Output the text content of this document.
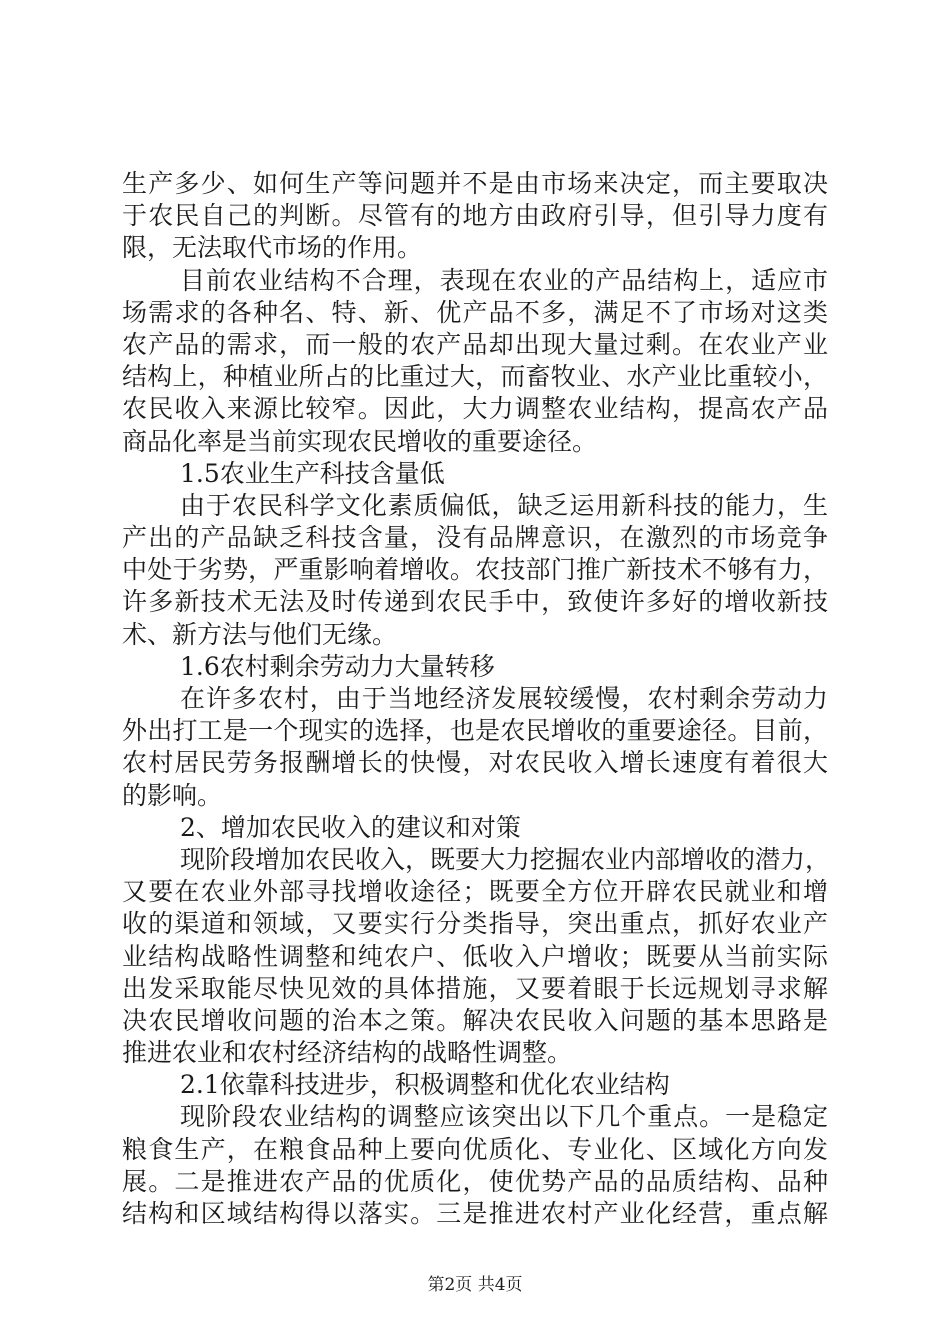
生产多少、如何生产等问题并不是由市场来决定，而主要取决
于农民自己的判断。尽管有的地方由政府引导，但引导力度有
限，无法取代市场的作用。
目前农业结构不合理，表现在农业的产品结构上，适应市
场需求的各种名、特、新、优产品不多，满足不了市场对这类
农产品的需求，而一般的农产品却出现大量过剩。在农业产业
结构上，种植业所占的比重过大，而畜牧业、水产业比重较小，
农民收入来源比较窄。因此，大力调整农业结构，提高农产品
商品化率是当前实现农民增收的重要途径。
1.5农业生产科技含量低
由于农民科学文化素质偏低，缺乏运用新科技的能力，生
产出的产品缺乏科技含量，没有品牌意识，在激烈的市场竞争
中处于劣势，严重影响着增收。农技部门推广新技术不够有力，
许多新技术无法及时传递到农民手中，致使许多好的增收新技
术、新方法与他们无缘。
1.6农村剩余劳动力大量转移
在许多农村，由于当地经济发展较缓慢，农村剩余劳动力
外出打工是一个现实的选择，也是农民增收的重要途径。目前，
农村居民劳务报酬增长的快慢，对农民收入增长速度有着很大
的影响。
2、增加农民收入的建议和对策
现阶段增加农民收入，既要大力挖掘农业内部增收的潜力，
又要在农业外部寻找增收途径；既要全方位开辟农民就业和增
收的渠道和领域，又要实行分类指导，突出重点，抓好农业产
业结构战略性调整和纯农户、低收入户增收；既要从当前实际
出发采取能尽快见效的具体措施，又要着眼于长远规划寻求解
决农民增收问题的治本之策。解决农民收入问题的基本思路是
推进农业和农村经济结构的战略性调整。
2.1依靠科技进步，积极调整和优化农业结构
现阶段农业结构的调整应该突出以下几个重点。一是稳定
粮食生产，在粮食品种上要向优质化、专业化、区域化方向发
展。二是推进农产品的优质化，使优势产品的品质结构、品种
结构和区域结构得以落实。三是推进农村产业化经营，重点解
第2页 共4页
